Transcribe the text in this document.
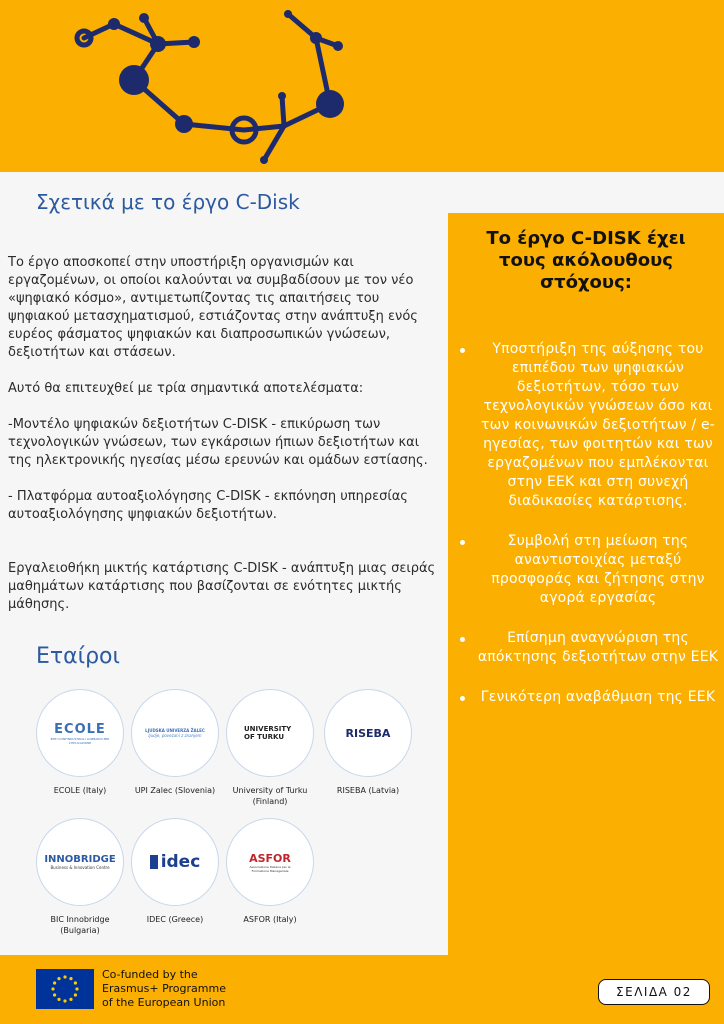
Σχετικά με το έργο C-Disk

Το έργο αποσκοπεί στην υποστήριξη οργανισμών και εργαζομένων, οι οποίοι καλούνται να συμβαδίσουν με τον νέο «ψηφιακό κόσμο», αντιμετωπίζοντας τις απαιτήσεις του ψηφιακού μετασχηματισμού, εστιάζοντας στην ανάπτυξη ενός ευρέος φάσματος ψηφιακών και διαπροσωπικών γνώσεων, δεξιοτήτων και στάσεων.

Αυτό θα επιτευχθεί με τρία σημαντικά αποτελέσματα:

-Μοντέλο ψηφιακών δεξιοτήτων C-DISK - επικύρωση των τεχνολογικών γνώσεων, των εγκάρσιων ήπιων δεξιοτήτων και της ηλεκτρονικής ηγεσίας μέσω ερευνών και ομάδων εστίασης.

- Πλατφόρμα αυτοαξιολόγησης C-DISK - εκπόνηση υπηρεσίας αυτοαξιολόγησης ψηφιακών δεξιοτήτων.

Εργαλειοθήκη μικτής κατάρτισης C-DISK - ανάπτυξη μιας σειράς μαθημάτων κατάρτισης που βασίζονται σε ενότητες μικτής μάθησης.

Εταίροι
ECOLE
ENTI CONFINDUSTRIALI LOMBARDI PER L'EDUCAZIONE
ECOLE (Italy)
LJUDSKA UNIVERZA ŽALEC
ljudje, povezani z znanjem
UPI Zalec (Slovenia)
UNIVERSITY OF TURKU
University of Turku (Finland)
RISEBA
RISEBA (Latvia)
INNOBRIDGE
Business & Innovation Centre
BIC Innobridge (Bulgaria)
idec
IDEC (Greece)
ASFOR
Associazione Italiana per la Formazione Manageriale
ASFOR (Italy)
Το έργο C-DISK έχει τους ακόλουθους στόχους:
Υποστήριξη της αύξησης του επιπέδου των ψηφιακών δεξιοτήτων, τόσο των τεχνολογικών γνώσεων όσο και των κοινωνικών δεξιοτήτων / e-ηγεσίας, των φοιτητών και των εργαζομένων που εμπλέκονται στην ΕΕΚ και στη συνεχή διαδικασίες κατάρτισης.
Συμβολή στη μείωση της αναντιστοιχίας μεταξύ προσφοράς και ζήτησης στην αγορά εργασίας
Επίσημη αναγνώριση της απόκτησης δεξιοτήτων στην ΕΕΚ
Γενικότερη αναβάθμιση της ΕΕΚ
Co-funded by the
Erasmus+ Programme
of the European Union
ΣΕΛΙΔΑ 02
